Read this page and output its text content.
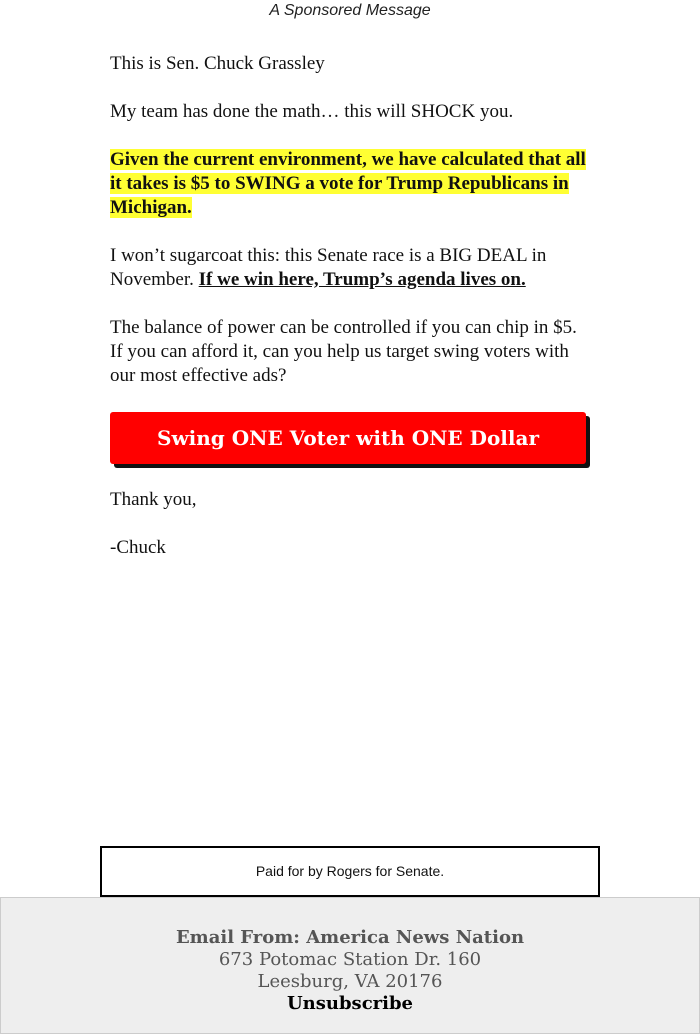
A Sponsored Message

This is Sen. Chuck Grassley

My team has done the math… this will SHOCK you.

Given the current environment, we have calculated that all it takes is $5 to SWING a vote for Trump Republicans in Michigan.

I won’t sugarcoat this: this Senate race is a BIG DEAL in November. If we win here, Trump’s agenda lives on.

The balance of power can be controlled if you can chip in $5. If you can afford it, can you help us target swing voters with our most effective ads?

Swing ONE Voter with ONE Dollar

Thank you,

-Chuck

Paid for by Rogers for Senate.
Email From: America News Nation
673 Potomac Station Dr. 160
Leesburg, VA 20176
Unsubscribe
